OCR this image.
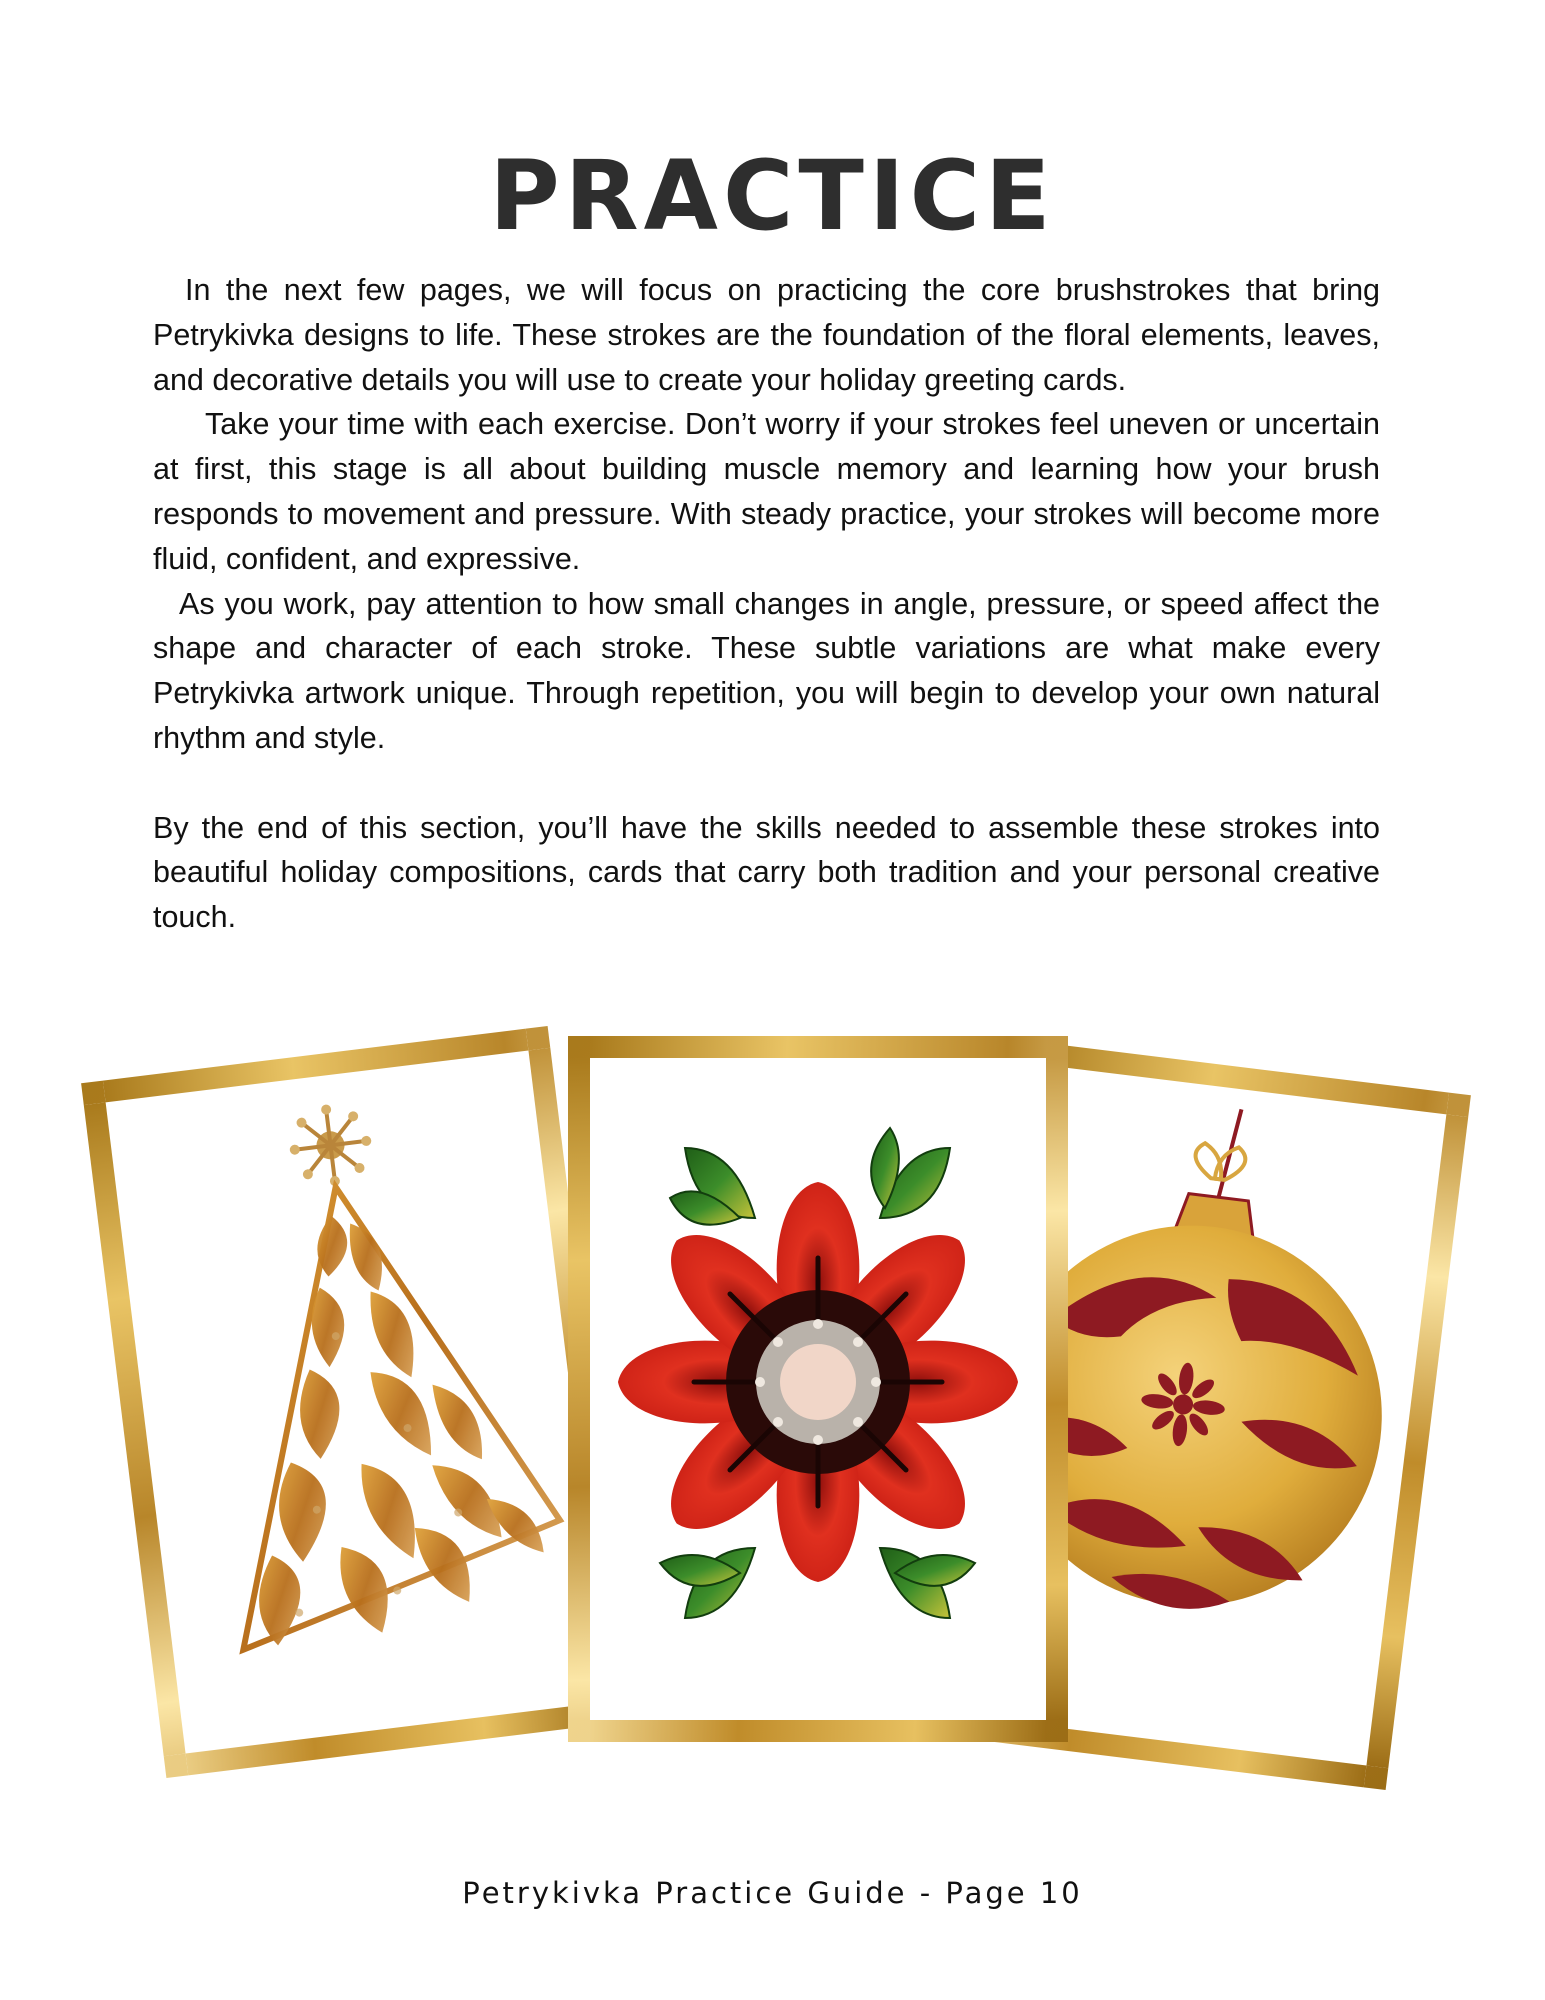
PRACTICE

In the next few pages, we will focus on practicing the core brushstrokes that bring Petrykivka designs to life. These strokes are the foundation of the floral elements, leaves, and decorative details you will use to create your holiday greeting cards.

Take your time with each exercise. Don’t worry if your strokes feel uneven or uncertain at first, this stage is all about building muscle memory and learning how your brush responds to movement and pressure. With steady practice, your strokes will become more fluid, confident, and expressive.

As you work, pay attention to how small changes in angle, pressure, or speed affect the shape and character of each stroke. These subtle variations are what make every Petrykivka artwork unique. Through repetition, you will begin to develop your own natural rhythm and style.

By the end of this section, you’ll have the skills needed to assemble these strokes into beautiful holiday compositions, cards that carry both tradition and your personal creative touch.

Petrykivka Practice Guide - Page 10
